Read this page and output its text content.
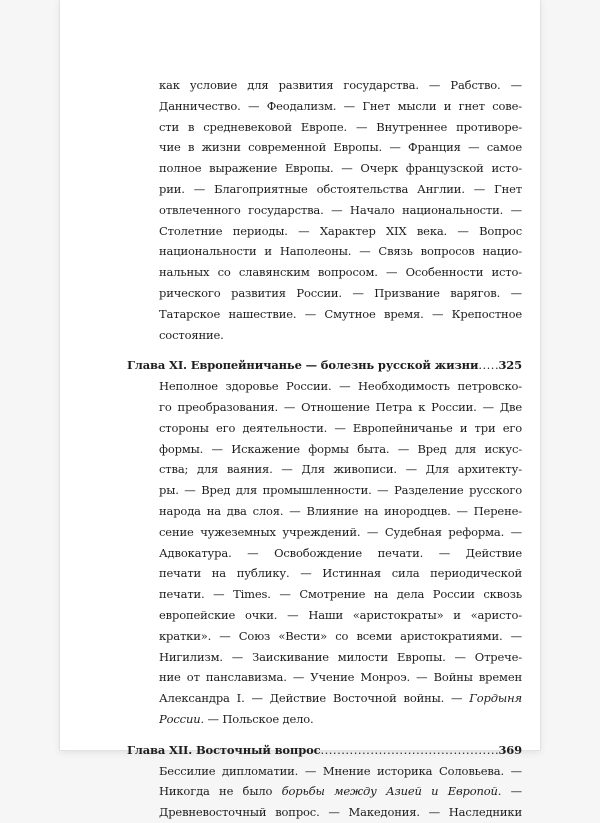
как условие для развития государства. — Рабство. —
Данничество. — Феодализм. — Гнет мысли и гнет сове-
сти в средневековой Европе. — Внутреннее противоре-
чие в жизни современной Европы. — Франция — самое
полное выражение Европы. — Очерк французской исто-
рии. — Благоприятные обстоятельства Англии. — Гнет
отвлеченного государства. — Начало национальности. —
Столетние периоды. — Характер XIX века. — Вопрос
национальности и Наполеоны. — Связь вопросов нацио-
нальных со славянским вопросом. — Особенности истo-
рического развития России. — Призвание варягов. —
Татарское нашествие. — Смутное время. — Крепостное
состояние.
Глава XI. Европейничанье — болезнь русской жизни ..... 325
Неполное здоровье России. — Необходимость петровско-
го преобразования. — Отношение Петра к России. — Две
стороны его деятельности. — Европейничанье и три его
формы. — Искажение формы быта. — Вред для искус-
ства; для ваяния. — Для живописи. — Для архитекту-
ры. — Вред для промышленности. — Разделение русского
народа на два слоя. — Влияние на инородцев. — Перене-
сение чужеземных учреждений. — Судебная реформа. —
Адвокатура. — Освобождение печати. — Действие
печати на публику. — Истинная сила периодической
печати. — Times. — Смотрение на дела России сквозь
европейские очки. — Наши «аристократы» и «аристо-
кратки». — Союз «Вести» со всеми аристократиями. —
Нигилизм. — Заискивание милости Европы. — Отрече-
ние от панславизма. — Учение Монроэ. — Войны времен
Александра I. — Действие Восточной войны. — Гордыня
России. — Польское дело.
Глава XII. Восточный вопрос .....	369
Бессилие дипломатии. — Мнение историка Соловьева. —
Никогда не было борьбы между Азией и Европой. —
Древневосточный вопрос. — Македония. — Наследники
